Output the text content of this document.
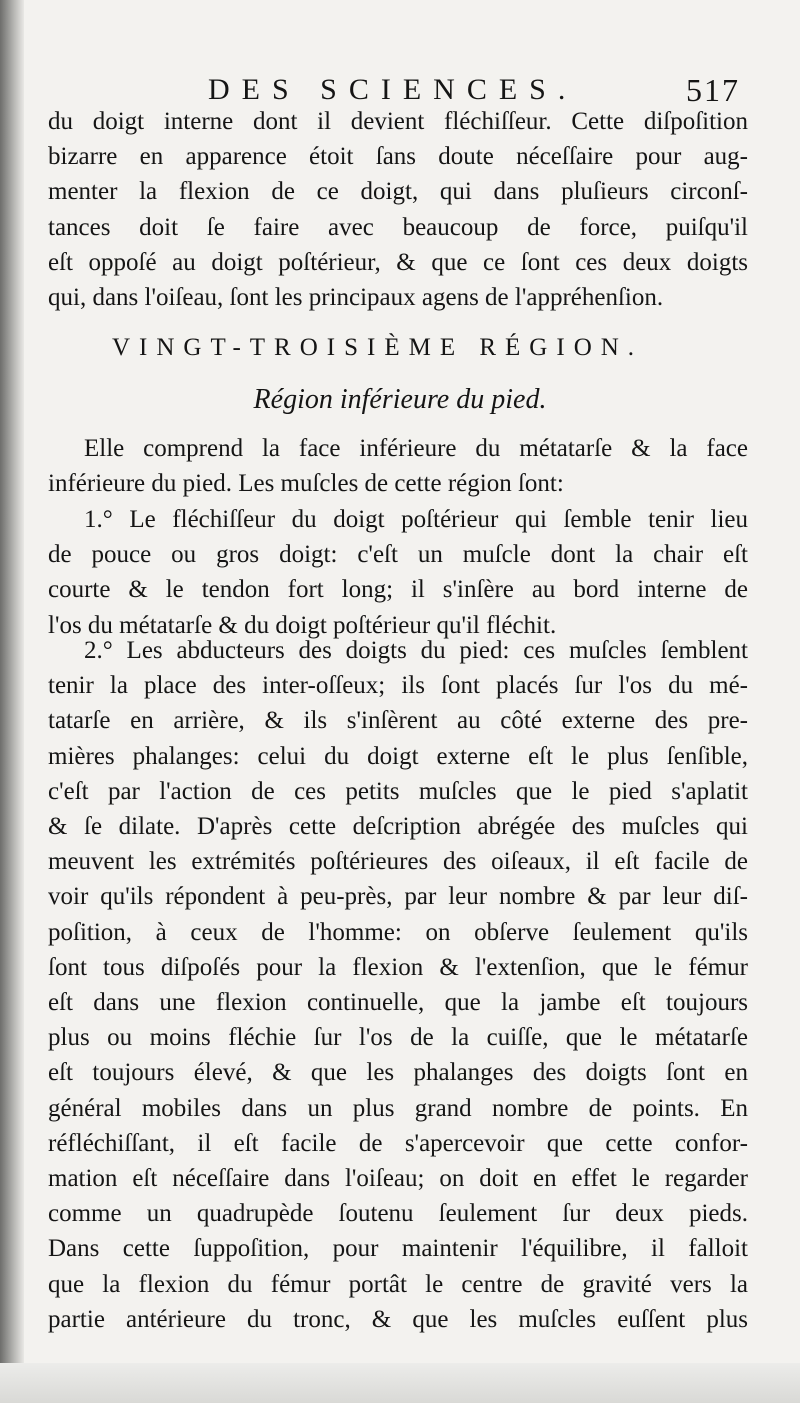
DES SCIENCES.	517
du doigt interne dont il devient fléchiſſeur. Cette diſpoſition
bizarre en apparence étoit ſans doute néceſſaire pour aug-
menter la flexion de ce doigt, qui dans pluſieurs circonſ-
tances doit ſe faire avec beaucoup de force, puiſqu'il
eſt oppoſé au doigt poſtérieur, & que ce ſont ces deux doigts
qui, dans l'oiſeau, ſont les principaux agens de l'appréhenſion.
VINGT-TROISIÈME RÉGION.
Région inférieure du pied.
Elle comprend la face inférieure du métatarſe & la face
inférieure du pied. Les muſcles de cette région ſont:
1.° Le fléchiſſeur du doigt poſtérieur qui ſemble tenir lieu
de pouce ou gros doigt: c'eſt un muſcle dont la chair eſt
courte & le tendon fort long; il s'inſère au bord interne de
l'os du métatarſe & du doigt poſtérieur qu'il fléchit.
2.° Les abducteurs des doigts du pied: ces muſcles ſemblent
tenir la place des inter-oſſeux; ils ſont placés ſur l'os du mé-
tatarſe en arrière, & ils s'inſèrent au côté externe des pre-
mières phalanges: celui du doigt externe eſt le plus ſenſible,
c'eſt par l'action de ces petits muſcles que le pied s'aplatit
& ſe dilate. D'après cette deſcription abrégée des muſcles qui
meuvent les extrémités poſtérieures des oiſeaux, il eſt facile de
voir qu'ils répondent à peu-près, par leur nombre & par leur diſ-
poſition, à ceux de l'homme: on obſerve ſeulement qu'ils
ſont tous diſpoſés pour la flexion & l'extenſion, que le fémur
eſt dans une flexion continuelle, que la jambe eſt toujours
plus ou moins fléchie ſur l'os de la cuiſſe, que le métatarſe
eſt toujours élevé, & que les phalanges des doigts ſont en
général mobiles dans un plus grand nombre de points. En
réfléchiſſant, il eſt facile de s'apercevoir que cette confor-
mation eſt néceſſaire dans l'oiſeau; on doit en effet le regarder
comme un quadrupède ſoutenu ſeulement ſur deux pieds.
Dans cette ſuppoſition, pour maintenir l'équilibre, il falloit
que la flexion du fémur portât le centre de gravité vers la
partie antérieure du tronc, & que les muſcles euſſent plus
